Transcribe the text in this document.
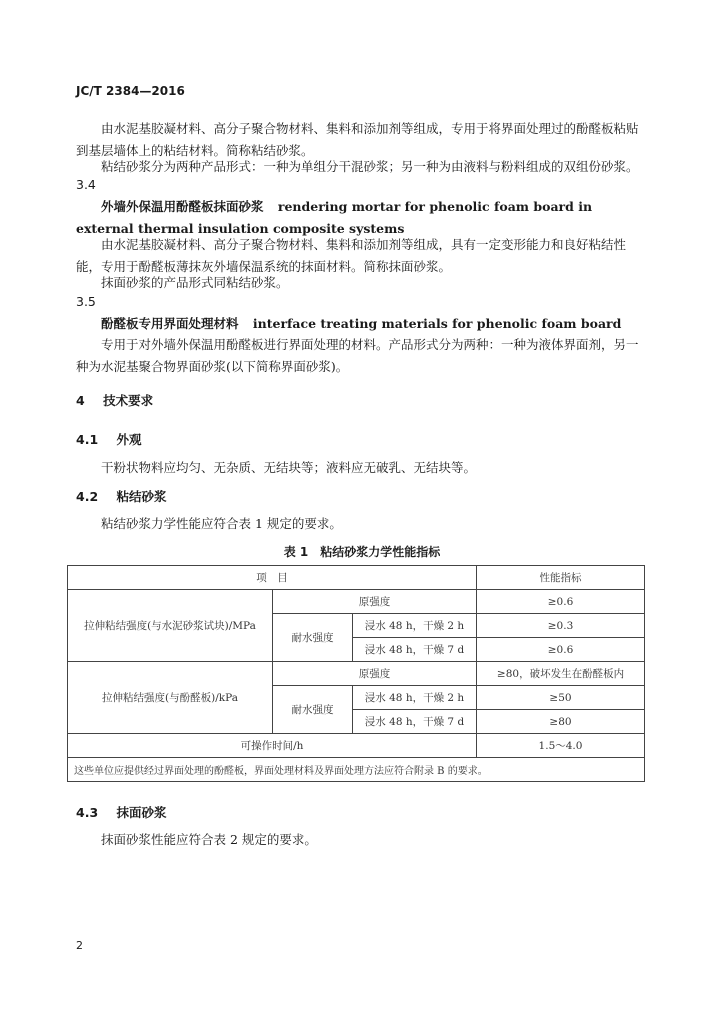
JC/T 2384—2016
由水泥基胶凝材料、高分子聚合物材料、集料和添加剂等组成，专用于将界面处理过的酚醛板粘贴到基层墙体上的粘结材料。简称粘结砂浆。
粘结砂浆分为两种产品形式：一种为单组分干混砂浆；另一种为由液料与粉料组成的双组份砂浆。
3.4
外墙外保温用酚醛板抹面砂浆 rendering mortar for phenolic foam board in external thermal insulation composite systems
由水泥基胶凝材料、高分子聚合物材料、集料和添加剂等组成，具有一定变形能力和良好粘结性能，专用于酚醛板薄抹灰外墙保温系统的抹面材料。简称抹面砂浆。
抹面砂浆的产品形式同粘结砂浆。
3.5
酚醛板专用界面处理材料 interface treating materials for phenolic foam board
专用于对外墙外保温用酚醛板进行界面处理的材料。产品形式分为两种：一种为液体界面剂，另一种为水泥基聚合物界面砂浆(以下简称界面砂浆)。
4 技术要求
4.1 外观
干粉状物料应均匀、无杂质、无结块等；液料应无破乳、无结块等。
4.2 粘结砂浆
粘结砂浆力学性能应符合表 1 规定的要求。
表 1　粘结砂浆力学性能指标
项　目			性能指标
拉伸粘结强度(与水泥砂浆试块)/MPa	原强度		≥0.6
	耐水强度	浸水 48 h，干燥 2 h	≥0.3
		浸水 48 h，干燥 7 d	≥0.6
拉伸粘结强度(与酚醛板)/kPa	原强度		≥80，破坏发生在酚醛板内
	耐水强度	浸水 48 h，干燥 2 h	≥50
		浸水 48 h，干燥 7 d	≥80
可操作时间/h			1.5～4.0
这些单位应提供经过界面处理的酚醛板，界面处理材料及界面处理方法应符合附录 B 的要求。			
4.3 抹面砂浆
抹面砂浆性能应符合表 2 规定的要求。
2
